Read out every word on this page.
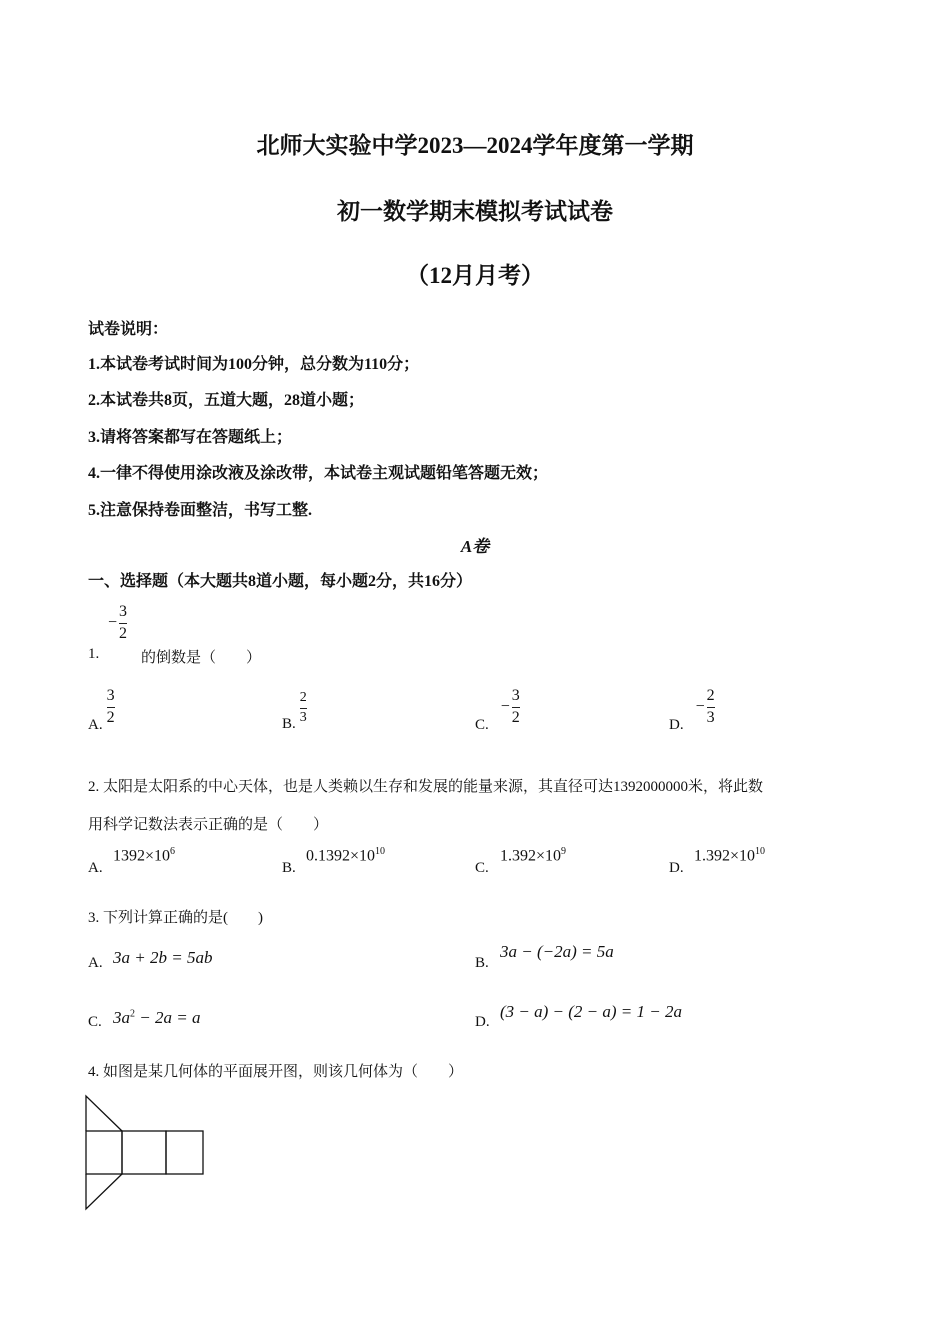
北师大实验中学2023—2024学年度第一学期
初一数学期末模拟考试试卷
（12月月考）
试卷说明：
1.本试卷考试时间为100分钟，总分数为110分；
2.本试卷共8页，五道大题，28道小题；
3.请将答案都写在答题纸上；
4.一律不得使用涂改液及涂改带，本试卷主观试题铅笔答题无效；
5.注意保持卷面整洁，书写工整.
A卷
一、选择题（本大题共8道小题，每小题2分，共16分）
1.
− $\frac{3}{2}$
的倒数是（　　）
A. $\frac{3}{2}$	B. $\frac{2}{3}$	C. − $\frac{3}{2}$	D. − $\frac{2}{3}$
2. 太阳是太阳系的中心天体，也是人类赖以生存和发展的能量来源，其直径可达1392000000米，将此数
用科学记数法表示正确的是（　　）
A.
$1392\times 10^6$
B.
$0.1392\times 10^{10}$
C.
$1.392\times 10^9$
D.
$1.392\times 10^{10}$
3. 下列计算正确的是(　　)
A. 3a + 2b = 5ab	B.
3a − (−2a) = 5a
C. $3a^2 - 2a = a$	D.
(3 − a) − (2 − a) = 1 − 2a
4. 如图是某几何体的平面展开图，则该几何体为（　　）
